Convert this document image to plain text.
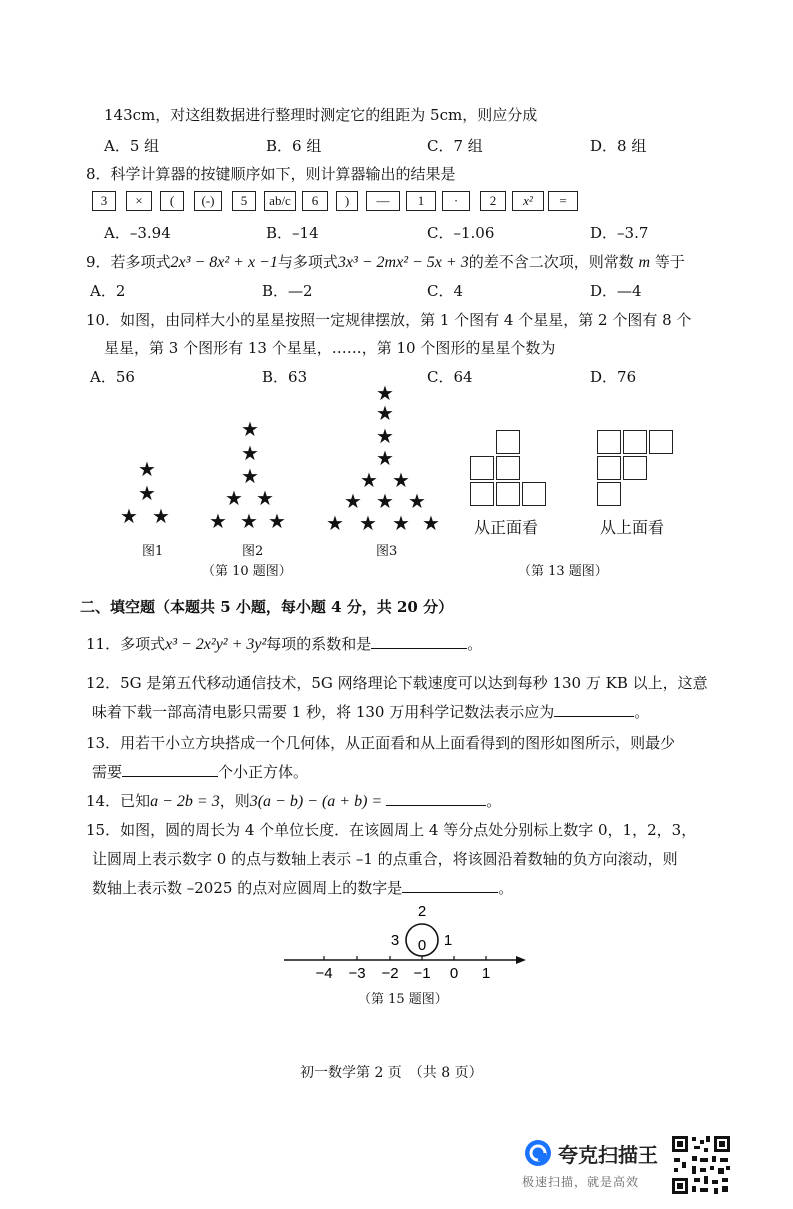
143cm，对这组数据进行整理时测定它的组距为 5cm，则应分成
A．5 组	B．6 组	C．7 组	D．8 组
8．科学计算器的按键顺序如下，则计算器输出的结果是
3	×	(	(-)	5	ab/c	6	)	—	1	·	2	x²	=
A．–3.94	B．–14	C．–1.06	D．–3.7
9．若多项式2x³ − 8x² + x −1与多项式3x³ − 2mx² − 5x + 3的差不含二次项，则常数 m 等于
A．2	B．—2	C．4	D．—4
10．如图，由同样大小的星星按照一定规律摆放，第 1 个图有 4 个星星，第 2 个图有 8 个
星星，第 3 个图形有 13 个星星，……，第 10 个图形的星星个数为
A．56	B．63	C．64	D．76
★
★
★ ★
图1
★
★
★
★ ★
★ ★ ★
图2
★
★
★
★
★ ★
★ ★ ★
★ ★ ★ ★
图3
（第 10 题图）
从正面看	从上面看
（第 13 题图）
二、填空题（本题共 5 小题，每小题 4 分，共 20 分）
11．多项式x³ − 2x²y² + 3y²每项的系数和是	。
12．5G 是第五代移动通信技术，5G 网络理论下载速度可以达到每秒 130 万 KB 以上，这意
味着下载一部高清电影只需要 1 秒，将 130 万用科学记数法表示应为	。
13．用若干小立方块搭成一个几何体，从正面看和从上面看得到的图形如图所示，则最少
需要	个小正方体。
14．已知a − 2b = 3，则3(a − b) − (a + b) =	。
15．如图，圆的周长为 4 个单位长度．在该圆周上 4 等分点处分别标上数字 0，1，2，3，
让圆周上表示数字 0 的点与数轴上表示 –1 的点重合，将该圆沿着数轴的负方向滚动，则
数轴上表示数 –2025 的点对应圆周上的数字是	。
2
1
3 0
−4 −3 −2 −1 0 1
（第 15 题图）
初一数学第 2 页　（共 8 页）
夸克扫描王
极速扫描，就是高效
